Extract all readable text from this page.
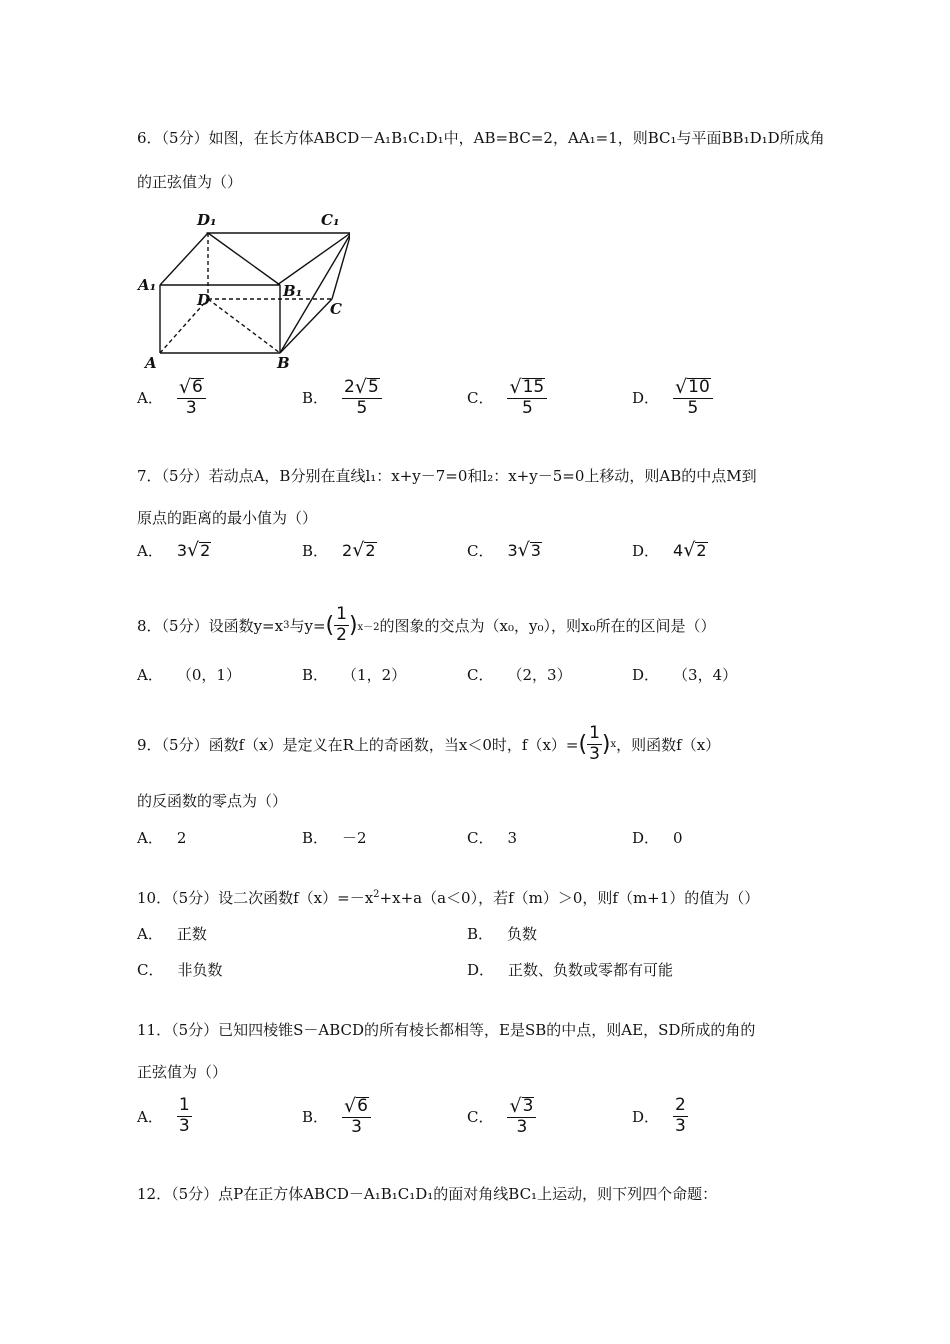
6．（5分）如图，在长方体ABCD－A₁B₁C₁D₁中，AB=BC=2，AA₁=1，则BC₁与平面BB₁D₁D所成角
的正弦值为（）
D₁	C₁
A₁
D	B₁
C
A	B
A． $\frac{√ 6}{3}$	B． $\frac{2 √ 5}{5}$	C． $\frac{√ 15}{5}$	D． $\frac{√ 10}{5}$
7．（5分）若动点A，B分别在直线l₁：x+y－7=0和l₂：x+y－5=0上移动，则AB的中点M到
原点的距离的最小值为（）
A． 3 √ 2	B． 2 √ 2	C． 3 √ 3	D． 4 √ 2
8．（5分）设函数y=x 3 与y= ( $\frac{1}{2}$ ) x－2 的图象的交点为（x₀，y₀），则x₀所在的区间是（）
A． （0，1）	B． （1，2）	C． （2，3）	D． （3，4）
9．（5分）函数f（x）是定义在R上的奇函数，当x＜0时，f（x）= ( $\frac{1}{3}$ ) x ，则函数f（x）
的反函数的零点为（）
A． 2	B． －2	C． 3	D． 0
10．（5分）设二次函数$f(x)=-x^2+x+a(a<0)$，若f（m）＞0，则f（m+1）的值为（）
A． 正数	B． 负数
C． 非负数	D． 正数、负数或零都有可能
11．（5分）已知四棱锥S－ABCD的所有棱长都相等，E是SB的中点，则AE，SD所成的角的
正弦值为（）
A． $\frac{1}{3}$	B． $\frac{√ 6}{3}$	C． $\frac{√ 3}{3}$	D． $\frac{2}{3}$
12．（5分）点P在正方体ABCD－A₁B₁C₁D₁的面对角线BC₁上运动，则下列四个命题：
